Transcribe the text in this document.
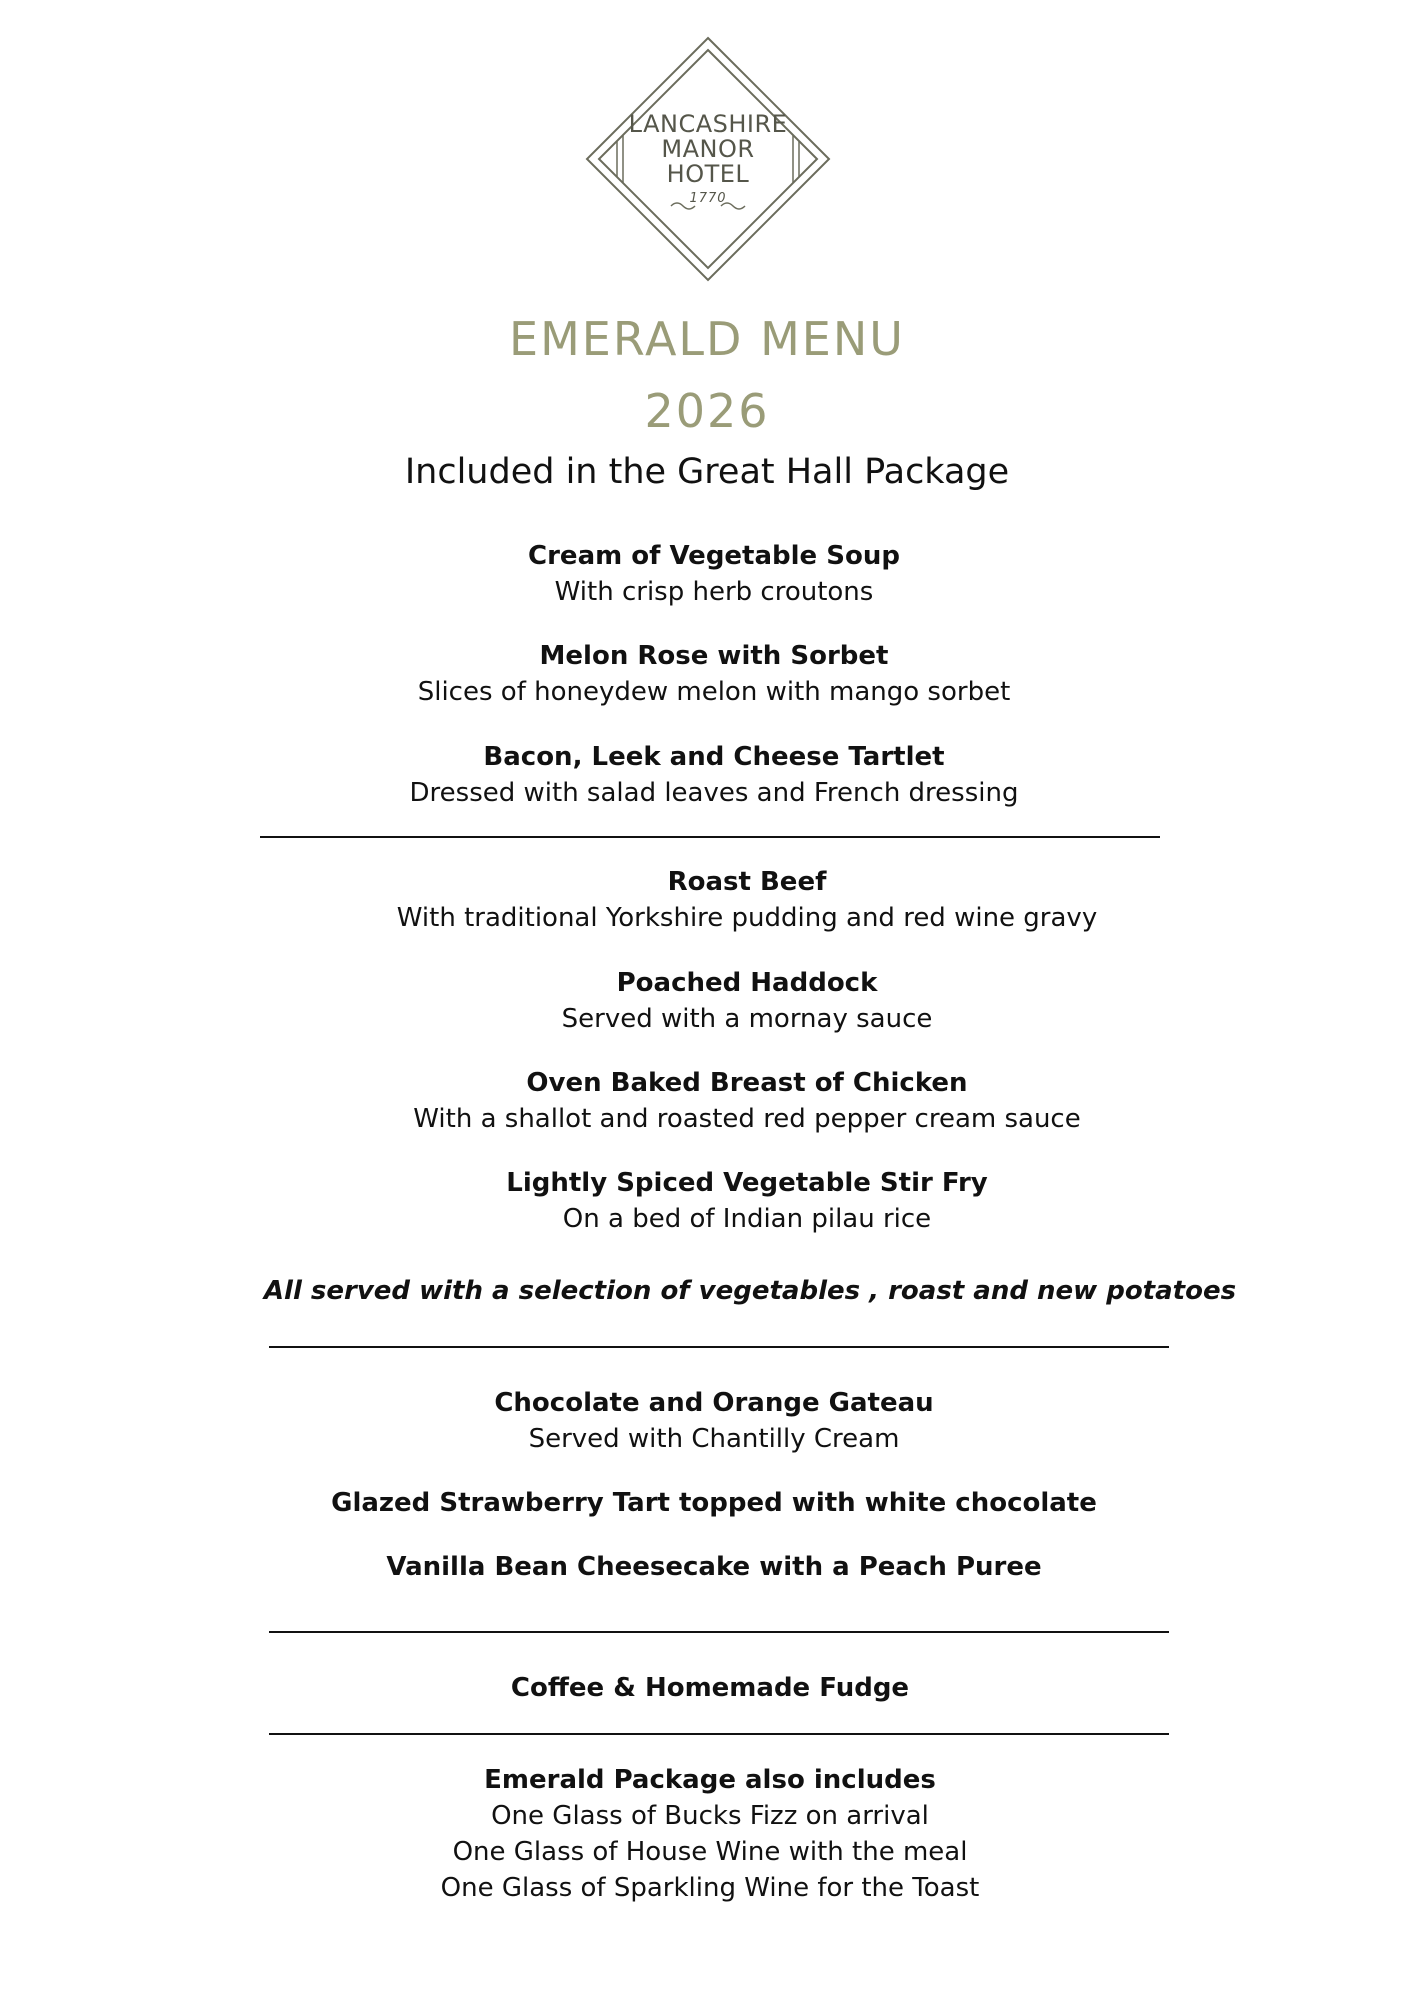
LANCASHIRE
MANOR
HOTEL
1770
EMERALD MENU
2026
Included in the Great Hall Package
Cream of Vegetable Soup
With crisp herb croutons
Melon Rose with Sorbet
Slices of honeydew melon with mango sorbet
Bacon, Leek and Cheese Tartlet
Dressed with salad leaves and French dressing
Roast Beef
With traditional Yorkshire pudding and red wine gravy
Poached Haddock
Served with a mornay sauce
Oven Baked Breast of Chicken
With a shallot and roasted red pepper cream sauce
Lightly Spiced Vegetable Stir Fry
On a bed of Indian pilau rice
All served with a selection of vegetables , roast and new potatoes
Chocolate and Orange Gateau
Served with Chantilly Cream
Glazed Strawberry Tart topped with white chocolate
Vanilla Bean Cheesecake with a Peach Puree
Coffee & Homemade Fudge
Emerald Package also includes
One Glass of Bucks Fizz on arrival
One Glass of House Wine with the meal
One Glass of Sparkling Wine for the Toast
